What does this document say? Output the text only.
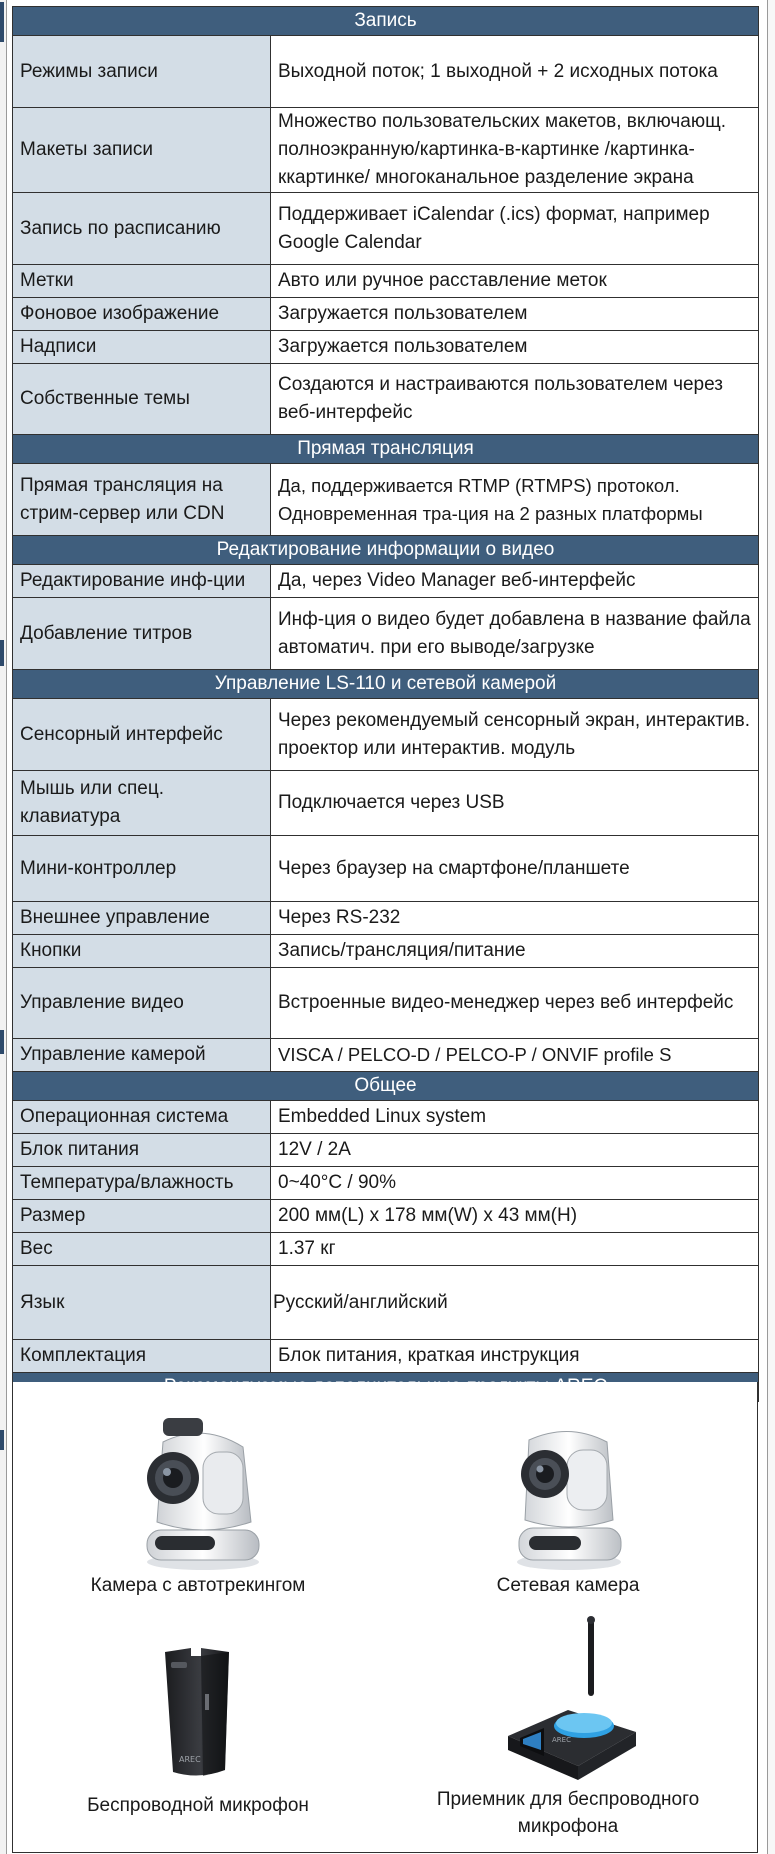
Запись	
Режимы записи	Выходной поток; 1 выходной + 2 исходных потока
Макеты записи	Множество пользовательских макетов, включающ. полноэкранную/картинка-в-картинке /картинка-ккартинке/ многоканальное разделение экрана
Запись по расписанию	Поддерживает iCalendar (.ics) формат, например Google Calendar
Метки	Авто или ручное расставление меток
Фоновое изображение	Загружается пользователем
Надписи	Загружается пользователем
Собственные темы	Создаются и настраиваются пользователем через веб-интерфейс
Прямая трансляция	
Прямая трансляция на стрим-сервер или CDN	Да, поддерживается RTMP (RTMPS) протокол. Одновременная тра-ция на 2 разных платформы

Редактирование информации о видео	
Редактирование инф-ции	Да, через Video Manager веб-интерфейс
Добавление титров	Инф-ция о видео будет добавлена в название файла автоматич. при его выводе/загрузке
Управление LS-110 и сетевой камерой	
Сенсорный интерфейс	Через рекомендуемый сенсорный экран, интерактив. проектор или интерактив. модуль
Мышь или спец. клавиатура	Подключается через USB
Мини-контроллер	Через браузер на смартфоне/планшете
Внешнее управление	Через RS-232
Кнопки	Запись/трансляция/питание
Управление видео	Встроенные видео-менеджер через веб интерфейс
Управление камерой	VISCA / PELCO-D / PELCO-P / ONVIF profile S
Общее	
Операционная система	Embedded Linux system
Блок питания	12V / 2A
Температура/влажность	0~40°C / 90%
Размер	200 мм(L) x 178 мм(W) x 43 мм(H)
Вес	1.37 кг
Язык	Русский/английский
Комплектация	Блок питания, краткая инструкция

Камера с автотрекингом	Сетевая камера
AREC
Беспроводной микрофон
AREC
Приемник для беспроводного микрофона
